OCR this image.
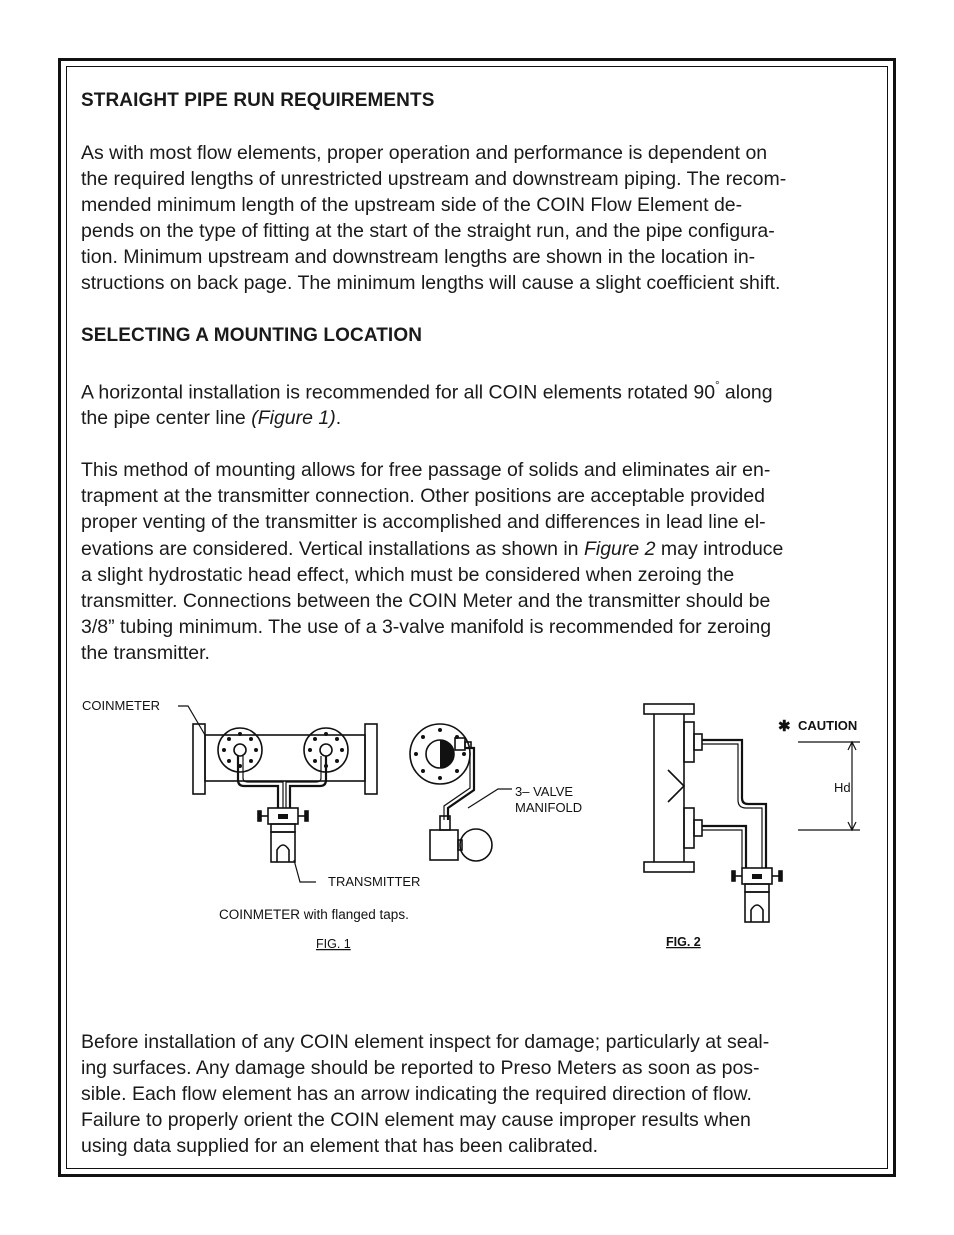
STRAIGHT PIPE RUN REQUIREMENTS

As with most flow elements, proper operation and performance is dependent on

the required lengths of unrestricted upstream and downstream piping. The recom-

mended minimum length of the upstream side of the COIN Flow Element de-

pends on the type of fitting at the start of the straight run, and the pipe configura-

tion. Minimum upstream and downstream lengths are shown in the location in-

structions on back page. The minimum lengths will cause a slight coefficient shift.

SELECTING A MOUNTING LOCATION

A horizontal installation is recommended for all COIN elements rotated 90° along

the pipe center line (Figure 1).

This method of mounting allows for free passage of solids and eliminates air en-

trapment at the transmitter connection. Other positions are acceptable provided

proper venting of the transmitter is accomplished and differences in lead line el-

evations are considered. Vertical installations as shown in Figure 2 may introduce

a slight hydrostatic head effect, which must be considered when zeroing the

transmitter. Connections between the COIN Meter and the transmitter should be

3/8” tubing minimum. The use of a 3-valve manifold is recommended for zeroing

the transmitter.

COINMETER
TRANSMITTER
3– VALVE
MANIFOLD
COINMETER with flanged taps.
FIG. 1
✱ CAUTION
Hd
FIG. 2

Before installation of any COIN element inspect for damage; particularly at seal-

ing surfaces. Any damage should be reported to Preso Meters as soon as pos-

sible. Each flow element has an arrow indicating the required direction of flow.

Failure to properly orient the COIN element may cause improper results when

using data supplied for an element that has been calibrated.
